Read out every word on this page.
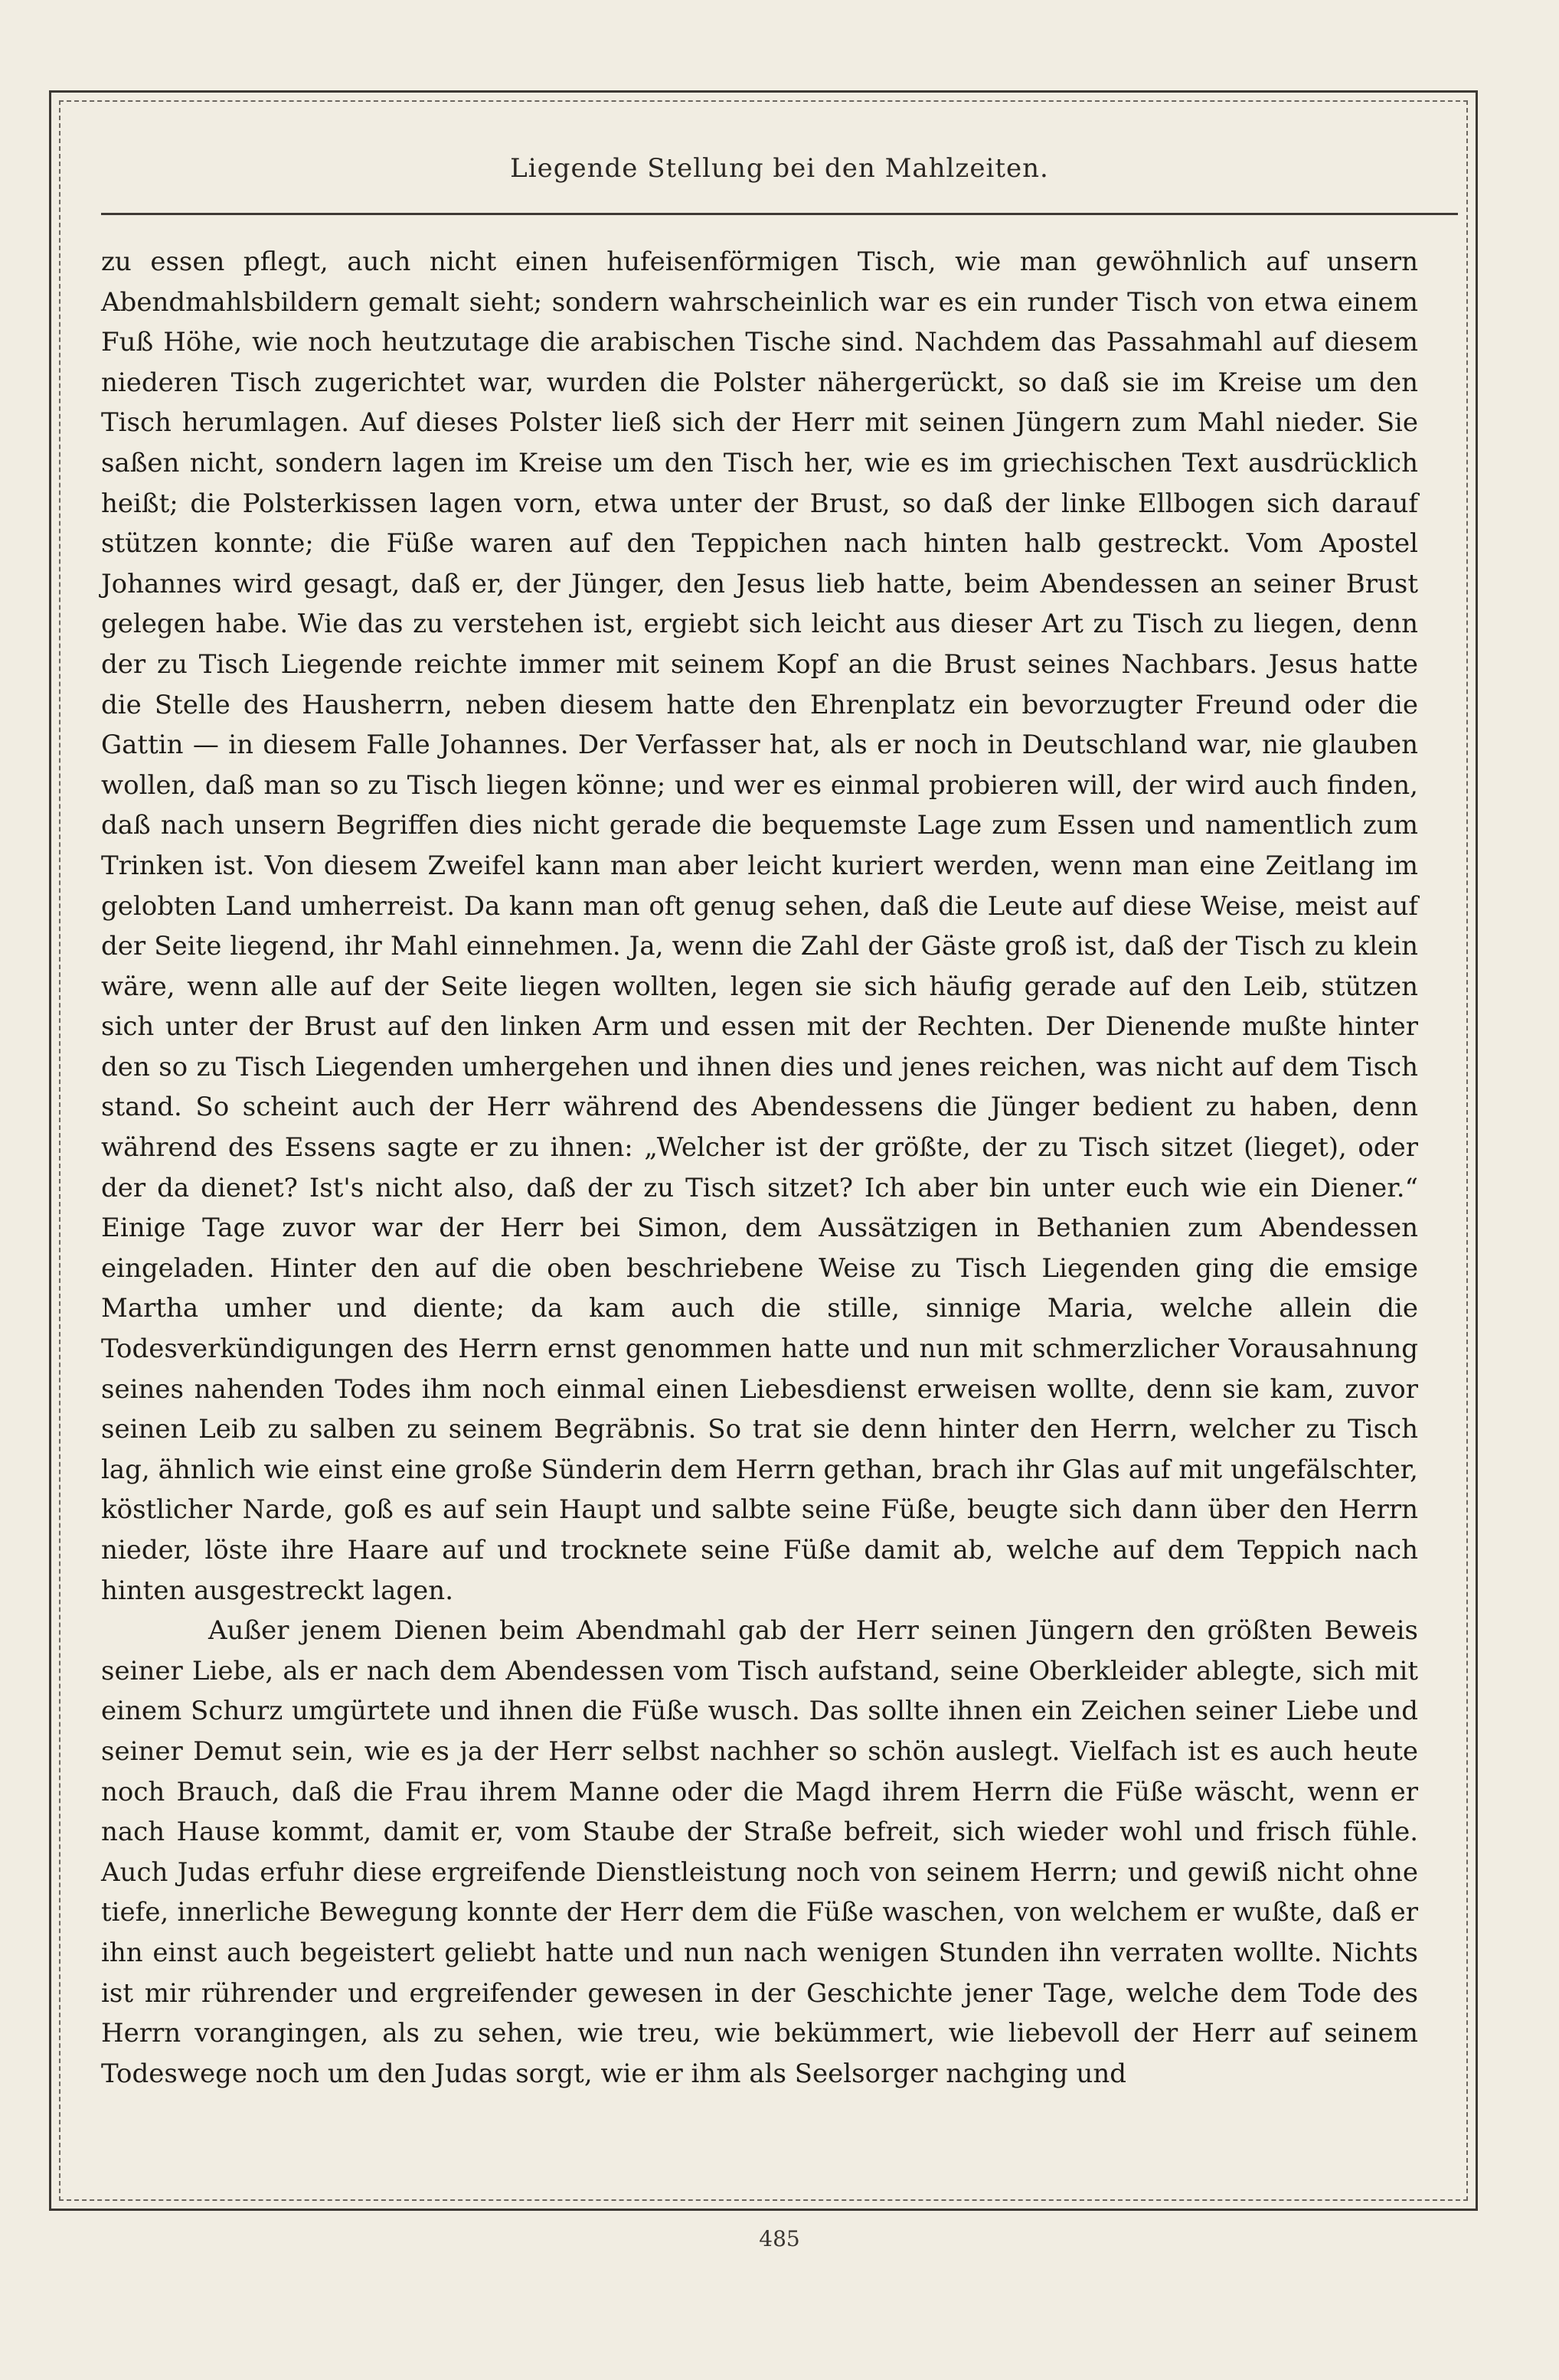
Liegende Stellung bei den Mahlzeiten.

zu essen pflegt, auch nicht einen hufeisenförmigen Tisch, wie man gewöhnlich auf unsern Abendmahlsbildern gemalt sieht; sondern wahrscheinlich war es ein runder Tisch von etwa einem Fuß Höhe, wie noch heutzutage die arabischen Tische sind. Nachdem das Passahmahl auf diesem niederen Tisch zugerichtet war, wurden die Polster nähergerückt, so daß sie im Kreise um den Tisch herumlagen. Auf dieses Polster ließ sich der Herr mit seinen Jüngern zum Mahl nieder. Sie saßen nicht, sondern lagen im Kreise um den Tisch her, wie es im griechischen Text ausdrücklich heißt; die Polsterkissen lagen vorn, etwa unter der Brust, so daß der linke Ellbogen sich darauf stützen konnte; die Füße waren auf den Teppichen nach hinten halb gestreckt. Vom Apostel Johannes wird gesagt, daß er, der Jünger, den Jesus lieb hatte, beim Abendessen an seiner Brust gelegen habe. Wie das zu verstehen ist, ergiebt sich leicht aus dieser Art zu Tisch zu liegen, denn der zu Tisch Liegende reichte immer mit seinem Kopf an die Brust seines Nachbars. Jesus hatte die Stelle des Hausherrn, neben diesem hatte den Ehrenplatz ein bevorzugter Freund oder die Gattin — in diesem Falle Johannes. Der Verfasser hat, als er noch in Deutschland war, nie glauben wollen, daß man so zu Tisch liegen könne; und wer es einmal probieren will, der wird auch finden, daß nach unsern Begriffen dies nicht gerade die bequemste Lage zum Essen und namentlich zum Trinken ist. Von diesem Zweifel kann man aber leicht kuriert werden, wenn man eine Zeitlang im gelobten Land umherreist. Da kann man oft genug sehen, daß die Leute auf diese Weise, meist auf der Seite liegend, ihr Mahl einnehmen. Ja, wenn die Zahl der Gäste groß ist, daß der Tisch zu klein wäre, wenn alle auf der Seite liegen wollten, legen sie sich häufig gerade auf den Leib, stützen sich unter der Brust auf den linken Arm und essen mit der Rechten. Der Dienende mußte hinter den so zu Tisch Liegenden umhergehen und ihnen dies und jenes reichen, was nicht auf dem Tisch stand. So scheint auch der Herr während des Abendessens die Jünger bedient zu haben, denn während des Essens sagte er zu ihnen: „Welcher ist der größte, der zu Tisch sitzet (lieget), oder der da dienet? Ist's nicht also, daß der zu Tisch sitzet? Ich aber bin unter euch wie ein Diener.“ Einige Tage zuvor war der Herr bei Simon, dem Aussätzigen in Bethanien zum Abendessen eingeladen. Hinter den auf die oben beschriebene Weise zu Tisch Liegenden ging die emsige Martha umher und diente; da kam auch die stille, sinnige Maria, welche allein die Todesverkündigungen des Herrn ernst genommen hatte und nun mit schmerzlicher Vorausahnung seines nahenden Todes ihm noch einmal einen Liebesdienst erweisen wollte, denn sie kam, zuvor seinen Leib zu salben zu seinem Begräbnis. So trat sie denn hinter den Herrn, welcher zu Tisch lag, ähnlich wie einst eine große Sünderin dem Herrn gethan, brach ihr Glas auf mit ungefälschter, köstlicher Narde, goß es auf sein Haupt und salbte seine Füße, beugte sich dann über den Herrn nieder, löste ihre Haare auf und trocknete seine Füße damit ab, welche auf dem Teppich nach hinten ausgestreckt lagen.

Außer jenem Dienen beim Abendmahl gab der Herr seinen Jüngern den größten Beweis seiner Liebe, als er nach dem Abendessen vom Tisch aufstand, seine Oberkleider ablegte, sich mit einem Schurz umgürtete und ihnen die Füße wusch. Das sollte ihnen ein Zeichen seiner Liebe und seiner Demut sein, wie es ja der Herr selbst nachher so schön auslegt. Vielfach ist es auch heute noch Brauch, daß die Frau ihrem Manne oder die Magd ihrem Herrn die Füße wäscht, wenn er nach Hause kommt, damit er, vom Staube der Straße befreit, sich wieder wohl und frisch fühle. Auch Judas erfuhr diese ergreifende Dienstleistung noch von seinem Herrn; und gewiß nicht ohne tiefe, innerliche Bewegung konnte der Herr dem die Füße waschen, von welchem er wußte, daß er ihn einst auch begeistert geliebt hatte und nun nach wenigen Stunden ihn verraten wollte. Nichts ist mir rührender und ergreifender gewesen in der Geschichte jener Tage, welche dem Tode des Herrn vorangingen, als zu sehen, wie treu, wie bekümmert, wie liebevoll der Herr auf seinem Todeswege noch um den Judas sorgt, wie er ihm als Seelsorger nachging und

485
